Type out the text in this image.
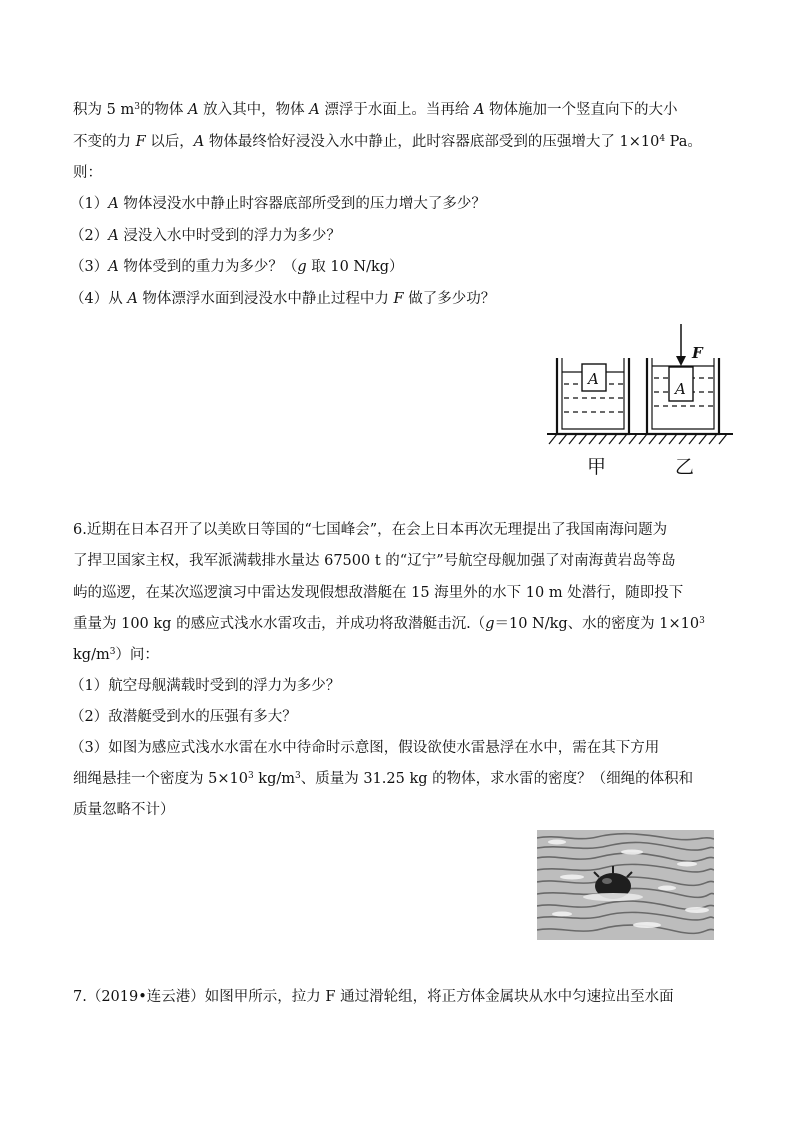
积为 5 $m^3$的物体 A 放入其中，物体 A 漂浮于水面上。当再给 A 物体施加一个竖直向下的大小
不变的力 F 以后，A 物体最终恰好浸没入水中静止，此时容器底部受到的压强增大了 $1\times 10^4$ Pa。
则：
（1）A 物体浸没水中静止时容器底部所受到的压力增大了多少？
（2）A 浸没入水中时受到的浮力为多少？
（3）A 物体受到的重力为多少？（g 取 10 N/kg）
（4）从 A 物体漂浮水面到浸没水中静止过程中力 F 做了多少功？
A
A
F
甲	乙
6.近期在日本召开了以美欧日等国的“七国峰会”，在会上日本再次无理提出了我国南海问题为
了捍卫国家主权，我军派满载排水量达 67500 t 的“辽宁”号航空母舰加强了对南海黄岩岛等岛
屿的巡逻，在某次巡逻演习中雷达发现假想敌潜艇在 15 海里外的水下 10 m 处潜行，随即投下
重量为 100 kg 的感应式浅水水雷攻击，并成功将敌潜艇击沉.（g＝10 N/kg、水的密度为 $1\times 10^3$
$kg/m^3$）问：
（1）航空母舰满载时受到的浮力为多少？
（2）敌潜艇受到水的压强有多大？
（3）如图为感应式浅水水雷在水中待命时示意图，假设欲使水雷悬浮在水中，需在其下方用
细绳悬挂一个密度为 $5\times 10^3$ $kg/m^3$、质量为 31.25 kg 的物体，求水雷的密度？（细绳的体积和
质量忽略不计）
7.（2019•连云港）如图甲所示，拉力 F 通过滑轮组，将正方体金属块从水中匀速拉出至水面
